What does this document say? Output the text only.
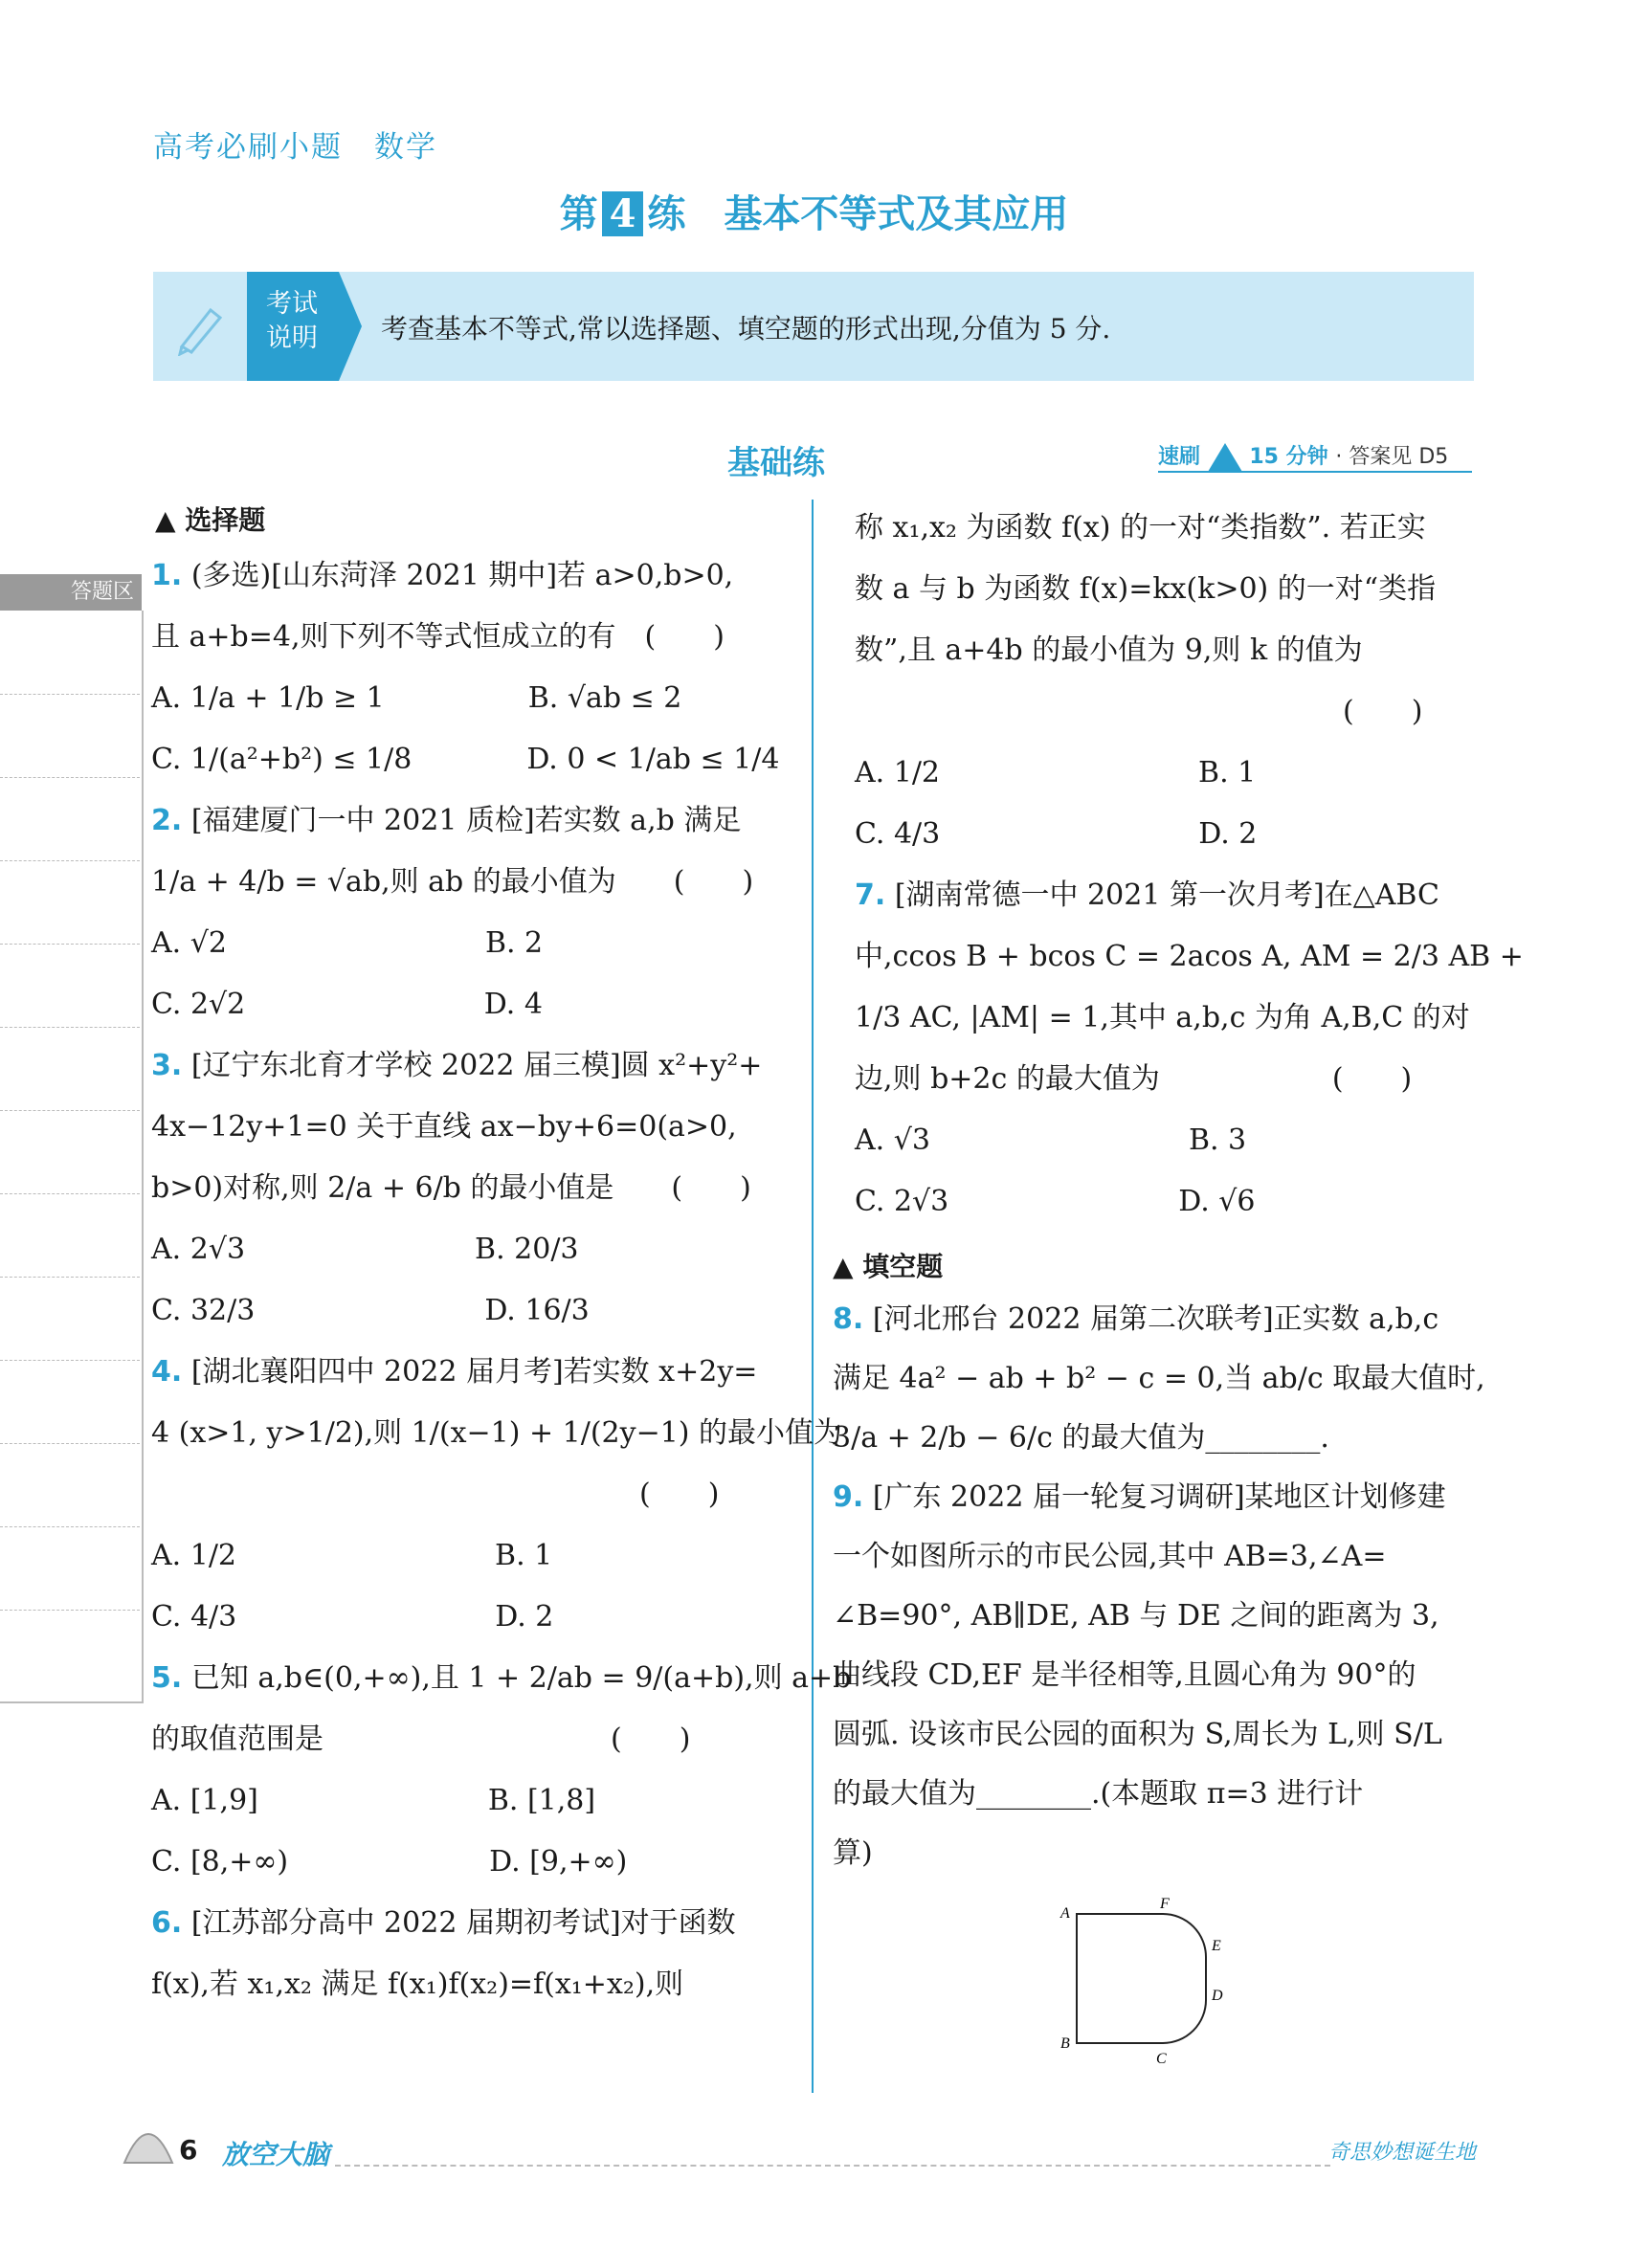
高考必刷小题　数学
第 4 练　基本不等式及其应用
考试说明	考查基本不等式,常以选择题、填空题的形式出现,分值为 5 分.
基础练	速刷 15 分钟 · 答案见 D5
答题区
▲ 选择题
1. (多选)[山东菏泽 2021 期中]若 a>0,b>0,
且 a+b=4,则下列不等式恒成立的有　(　　)
A. 1/a + 1/b ≥ 1　　　　　B. √ab ≤ 2
C. 1/(a²+b²) ≤ 1/8　　　　D. 0 < 1/ab ≤ 1/4
2. [福建厦门一中 2021 质检]若实数 a,b 满足
1/a + 4/b = √ab,则 ab 的最小值为　　(　　)
A. √2　　　　　　　　　B. 2
C. 2√2　　　　　　　　 D. 4
3. [辽宁东北育才学校 2022 届三模]圆 x²+y²+
4x−12y+1=0 关于直线 ax−by+6=0(a>0,
b>0)对称,则 2/a + 6/b 的最小值是　　(　　)
A. 2√3　　　　　　　　B. 20/3
C. 32/3　　　　　　　　D. 16/3
4. [湖北襄阳四中 2022 届月考]若实数 x+2y=
4 (x>1, y>1/2),则 1/(x−1) + 1/(2y−1) 的最小值为
　　　　　　　　　　　　　　　　　(　　)
A. 1/2　　　　　　　　　B. 1
C. 4/3　　　　　　　　　D. 2
5. 已知 a,b∈(0,+∞),且 1 + 2/ab = 9/(a+b),则 a+b
的取值范围是　　　　　　　　　　(　　)
A. [1,9]　　　　　　　　B. [1,8]
C. [8,+∞)　　　　　　　D. [9,+∞)
6. [江苏部分高中 2022 届期初考试]对于函数
f(x),若 x₁,x₂ 满足 f(x₁)f(x₂)=f(x₁+x₂),则
称 x₁,x₂ 为函数 f(x) 的一对“类指数”. 若正实
数 a 与 b 为函数 f(x)=kx(k>0) 的一对“类指
数”,且 a+4b 的最小值为 9,则 k 的值为
　　　　　　　　　　　　　　　　　(　　)
A. 1/2　　　　　　　　　B. 1
C. 4/3　　　　　　　　　D. 2
7. [湖南常德一中 2021 第一次月考]在△ABC
中,ccos B + bcos C = 2acos A, AM = 2/3 AB +
1/3 AC, |AM| = 1,其中 a,b,c 为角 A,B,C 的对
边,则 b+2c 的最大值为　　　　　　(　　)
A. √3　　　　　　　　　B. 3
C. 2√3　　　　　　　　D. √6
▲ 填空题
8. [河北邢台 2022 届第二次联考]正实数 a,b,c
满足 4a² − ab + b² − c = 0,当 ab/c 取最大值时,
3/a + 2/b − 6/c 的最大值为________.
9. [广东 2022 届一轮复习调研]某地区计划修建
一个如图所示的市民公园,其中 AB=3,∠A=
∠B=90°, AB∥DE, AB 与 DE 之间的距离为 3,
曲线段 CD,EF 是半径相等,且圆心角为 90°的
圆弧. 设该市民公园的面积为 S,周长为 L,则 S/L
的最大值为________.(本题取 π=3 进行计
算)
A
F
E
D
B
C
6 放空大脑	奇思妙想诞生地
